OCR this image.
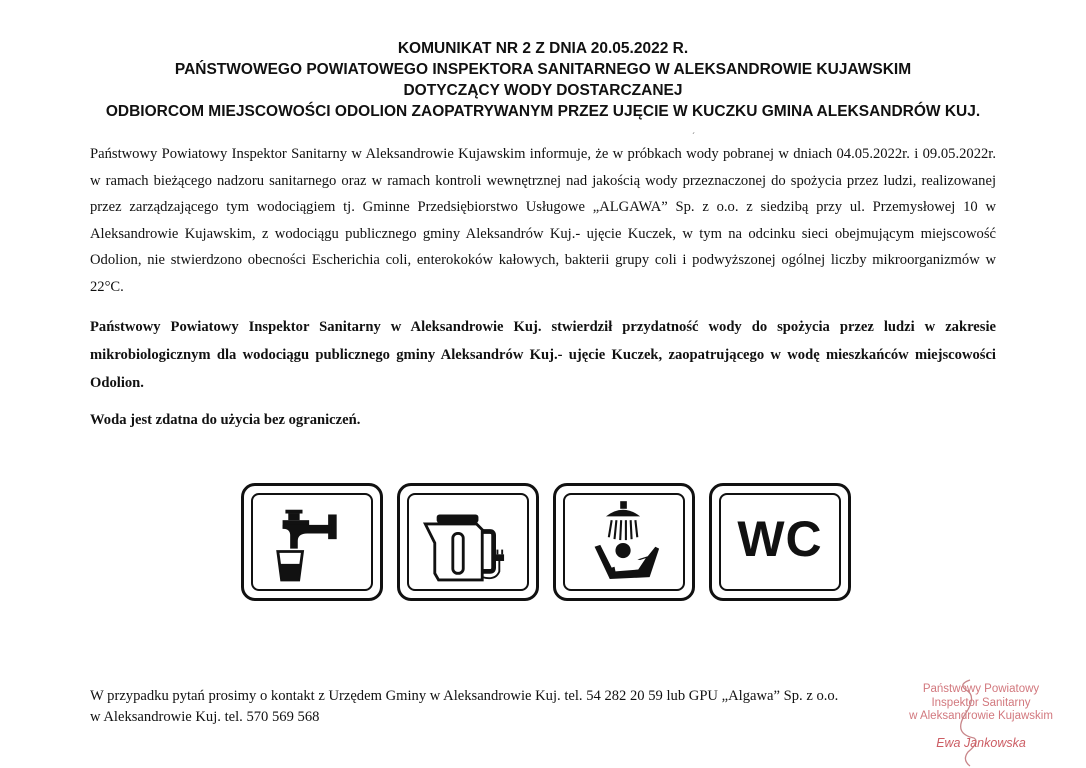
KOMUNIKAT NR 2 Z DNIA 20.05.2022 R.
PAŃSTWOWEGO POWIATOWEGO INSPEKTORA SANITARNEGO W ALEKSANDROWIE KUJAWSKIM
DOTYCZĄCY WODY DOSTARCZANEJ
ODBIORCOM MIEJSCOWOŚCI ODOLION ZAOPATRYWANYM PRZEZ UJĘCIE W KUCZKU GMINA ALEKSANDRÓW KUJ.
ˊ
Państwowy Powiatowy Inspektor Sanitarny w Aleksandrowie Kujawskim informuje, że w próbkach wody pobranej w dniach 04.05.2022r. i 09.05.2022r. w ramach bieżącego nadzoru sanitarnego oraz w ramach kontroli wewnętrznej nad jakością wody przeznaczonej do spożycia przez ludzi, realizowanej przez zarządzającego tym wodociągiem tj. Gminne Przedsiębiorstwo Usługowe „ALGAWA” Sp. z o.o. z siedzibą przy ul. Przemysłowej 10 w Aleksandrowie Kujawskim, z wodociągu publicznego gminy Aleksandrów Kuj.- ujęcie Kuczek, w tym na odcinku sieci obejmującym miejscowość Odolion, nie stwierdzono obecności Escherichia coli, enterokoków kałowych, bakterii grupy coli i podwyższonej ogólnej liczby mikroorganizmów w 22°C.
Państwowy Powiatowy Inspektor Sanitarny w Aleksandrowie Kuj. stwierdził przydatność wody do spożycia przez ludzi w zakresie mikrobiologicznym dla wodociągu publicznego gminy Aleksandrów Kuj.- ujęcie Kuczek, zaopatrującego w wodę mieszkańców miejscowości Odolion.
Woda jest zdatna do użycia bez ograniczeń.
WC
W przypadku pytań prosimy o kontakt z Urzędem Gminy w Aleksandrowie Kuj. tel. 54 282 20 59 lub GPU „Algawa” Sp. z o.o.
w Aleksandrowie Kuj. tel. 570 569 568
Państwowy Powiatowy
Inspektor Sanitarny
w Aleksandrowie Kujawskim
Ewa Jankowska
